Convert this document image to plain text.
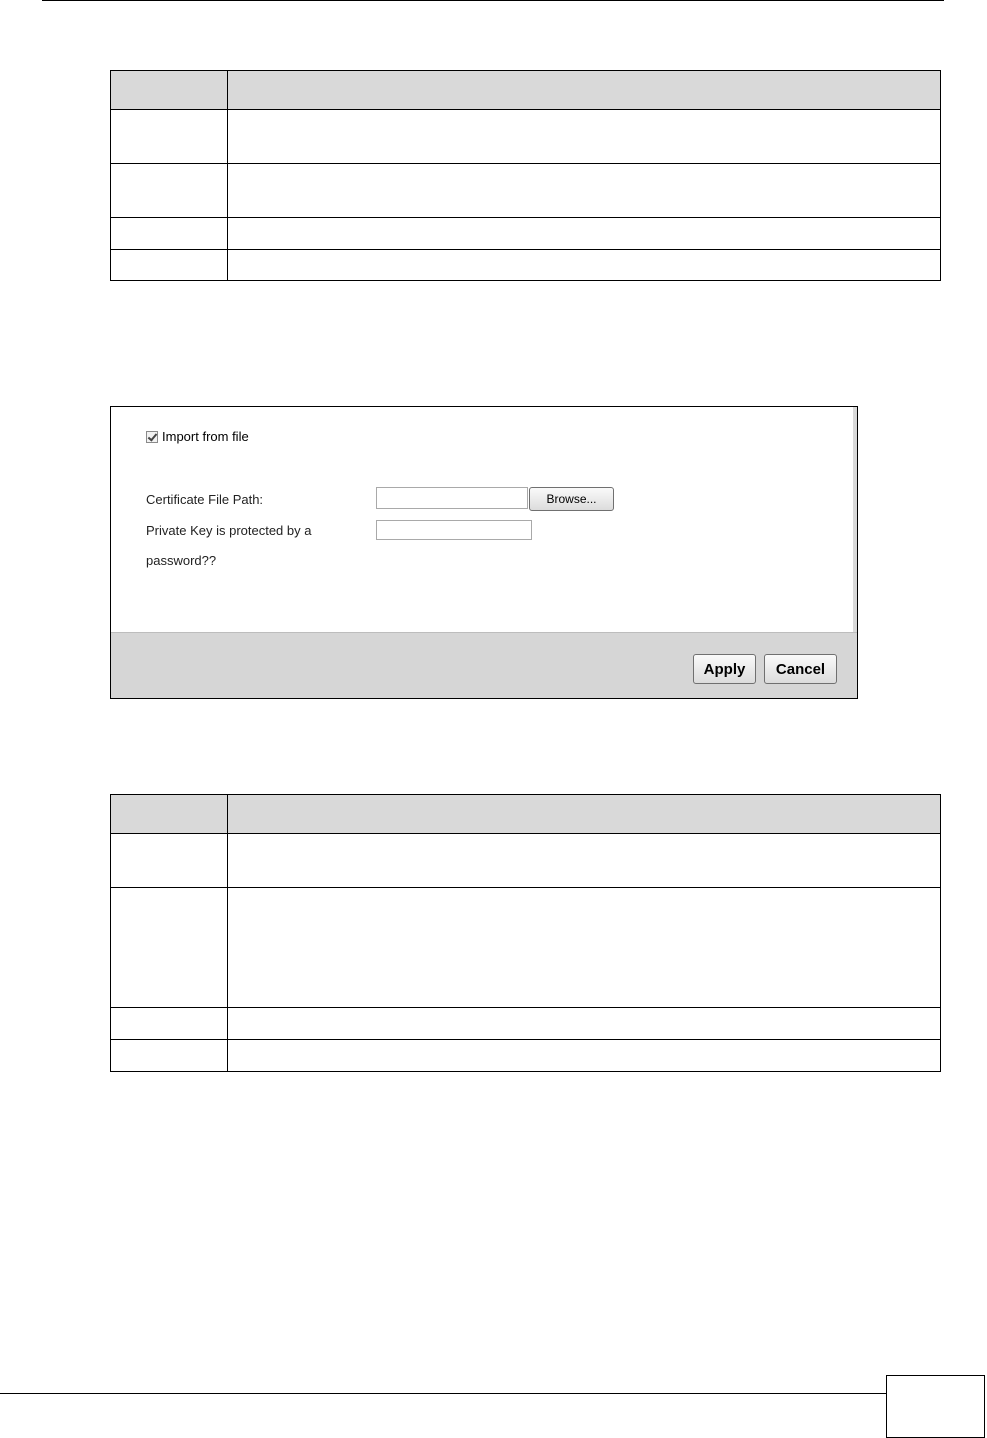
Import from file
Certificate File Path:	Browse...
Private Key is protected by a
password??
Apply	Cancel
